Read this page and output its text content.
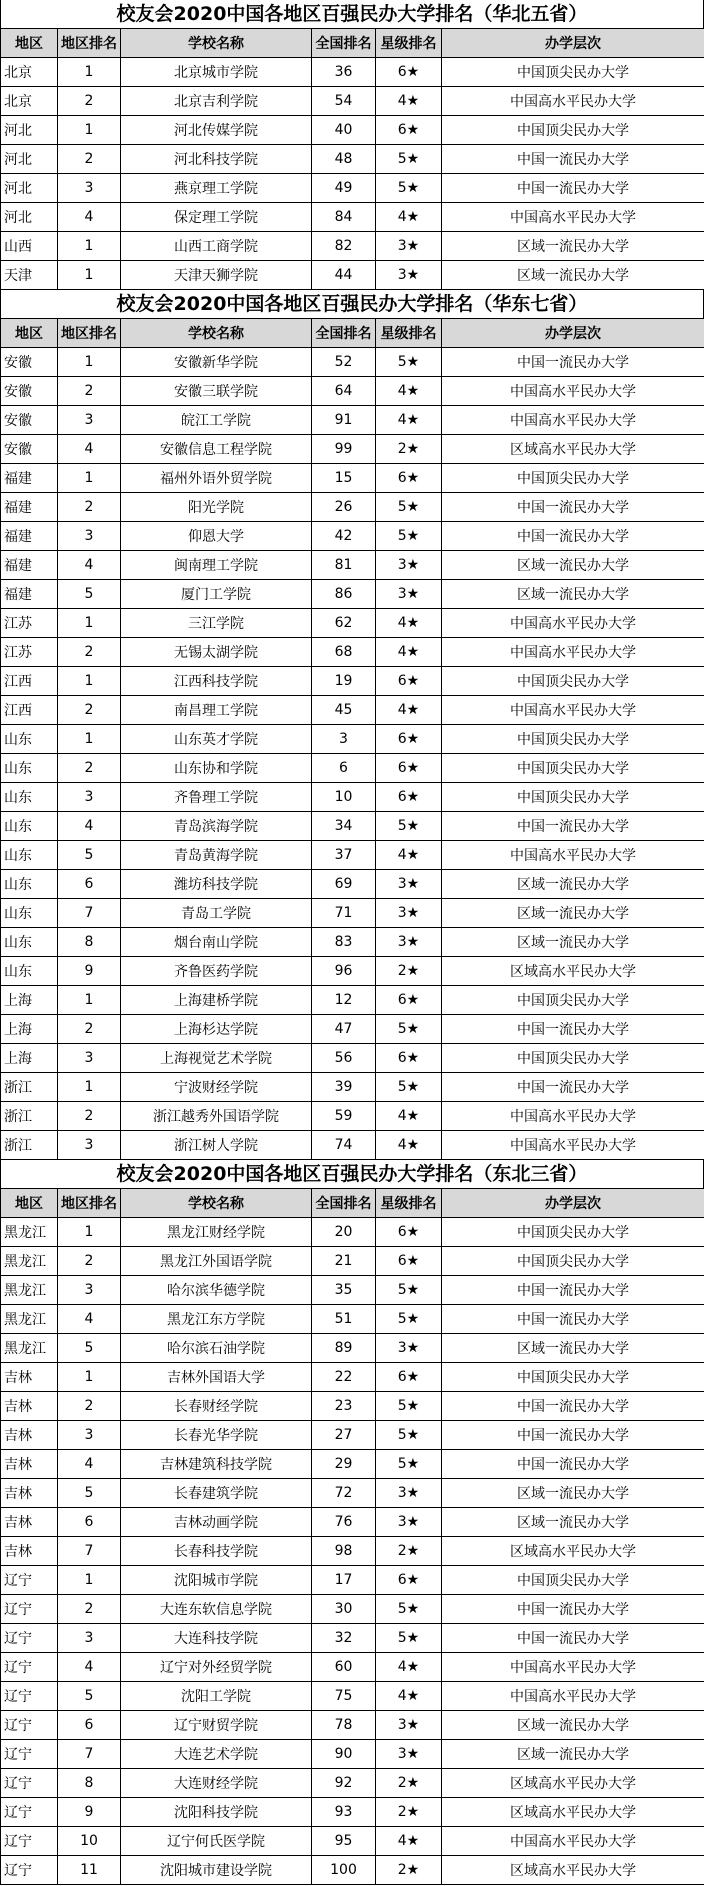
校友会2020中国各地区百强民办大学排名（华北五省）
地区	地区排名	学校名称	全国排名	星级排名	办学层次
北京	1	北京城市学院	36	6★	中国顶尖民办大学
北京	2	北京吉利学院	54	4★	中国高水平民办大学
河北	1	河北传媒学院	40	6★	中国顶尖民办大学
河北	2	河北科技学院	48	5★	中国一流民办大学
河北	3	燕京理工学院	49	5★	中国一流民办大学
河北	4	保定理工学院	84	4★	中国高水平民办大学
山西	1	山西工商学院	82	3★	区域一流民办大学
天津	1	天津天狮学院	44	3★	区域一流民办大学
校友会2020中国各地区百强民办大学排名（华东七省）
地区	地区排名	学校名称	全国排名	星级排名	办学层次
安徽	1	安徽新华学院	52	5★	中国一流民办大学
安徽	2	安徽三联学院	64	4★	中国高水平民办大学
安徽	3	皖江工学院	91	4★	中国高水平民办大学
安徽	4	安徽信息工程学院	99	2★	区域高水平民办大学
福建	1	福州外语外贸学院	15	6★	中国顶尖民办大学
福建	2	阳光学院	26	5★	中国一流民办大学
福建	3	仰恩大学	42	5★	中国一流民办大学
福建	4	闽南理工学院	81	3★	区域一流民办大学
福建	5	厦门工学院	86	3★	区域一流民办大学
江苏	1	三江学院	62	4★	中国高水平民办大学
江苏	2	无锡太湖学院	68	4★	中国高水平民办大学
江西	1	江西科技学院	19	6★	中国顶尖民办大学
江西	2	南昌理工学院	45	4★	中国高水平民办大学
山东	1	山东英才学院	3	6★	中国顶尖民办大学
山东	2	山东协和学院	6	6★	中国顶尖民办大学
山东	3	齐鲁理工学院	10	6★	中国顶尖民办大学
山东	4	青岛滨海学院	34	5★	中国一流民办大学
山东	5	青岛黄海学院	37	4★	中国高水平民办大学
山东	6	潍坊科技学院	69	3★	区域一流民办大学
山东	7	青岛工学院	71	3★	区域一流民办大学
山东	8	烟台南山学院	83	3★	区域一流民办大学
山东	9	齐鲁医药学院	96	2★	区域高水平民办大学
上海	1	上海建桥学院	12	6★	中国顶尖民办大学
上海	2	上海杉达学院	47	5★	中国一流民办大学
上海	3	上海视觉艺术学院	56	6★	中国顶尖民办大学
浙江	1	宁波财经学院	39	5★	中国一流民办大学
浙江	2	浙江越秀外国语学院	59	4★	中国高水平民办大学
浙江	3	浙江树人学院	74	4★	中国高水平民办大学
校友会2020中国各地区百强民办大学排名（东北三省）
地区	地区排名	学校名称	全国排名	星级排名	办学层次
黑龙江	1	黑龙江财经学院	20	6★	中国顶尖民办大学
黑龙江	2	黑龙江外国语学院	21	6★	中国顶尖民办大学
黑龙江	3	哈尔滨华德学院	35	5★	中国一流民办大学
黑龙江	4	黑龙江东方学院	51	5★	中国一流民办大学
黑龙江	5	哈尔滨石油学院	89	3★	区域一流民办大学
吉林	1	吉林外国语大学	22	6★	中国顶尖民办大学
吉林	2	长春财经学院	23	5★	中国一流民办大学
吉林	3	长春光华学院	27	5★	中国一流民办大学
吉林	4	吉林建筑科技学院	29	5★	中国一流民办大学
吉林	5	长春建筑学院	72	3★	区域一流民办大学
吉林	6	吉林动画学院	76	3★	区域一流民办大学
吉林	7	长春科技学院	98	2★	区域高水平民办大学
辽宁	1	沈阳城市学院	17	6★	中国顶尖民办大学
辽宁	2	大连东软信息学院	30	5★	中国一流民办大学
辽宁	3	大连科技学院	32	5★	中国一流民办大学
辽宁	4	辽宁对外经贸学院	60	4★	中国高水平民办大学
辽宁	5	沈阳工学院	75	4★	中国高水平民办大学
辽宁	6	辽宁财贸学院	78	3★	区域一流民办大学
辽宁	7	大连艺术学院	90	3★	区域一流民办大学
辽宁	8	大连财经学院	92	2★	区域高水平民办大学
辽宁	9	沈阳科技学院	93	2★	区域高水平民办大学
辽宁	10	辽宁何氏医学院	95	4★	中国高水平民办大学
辽宁	11	沈阳城市建设学院	100	2★	区域高水平民办大学
